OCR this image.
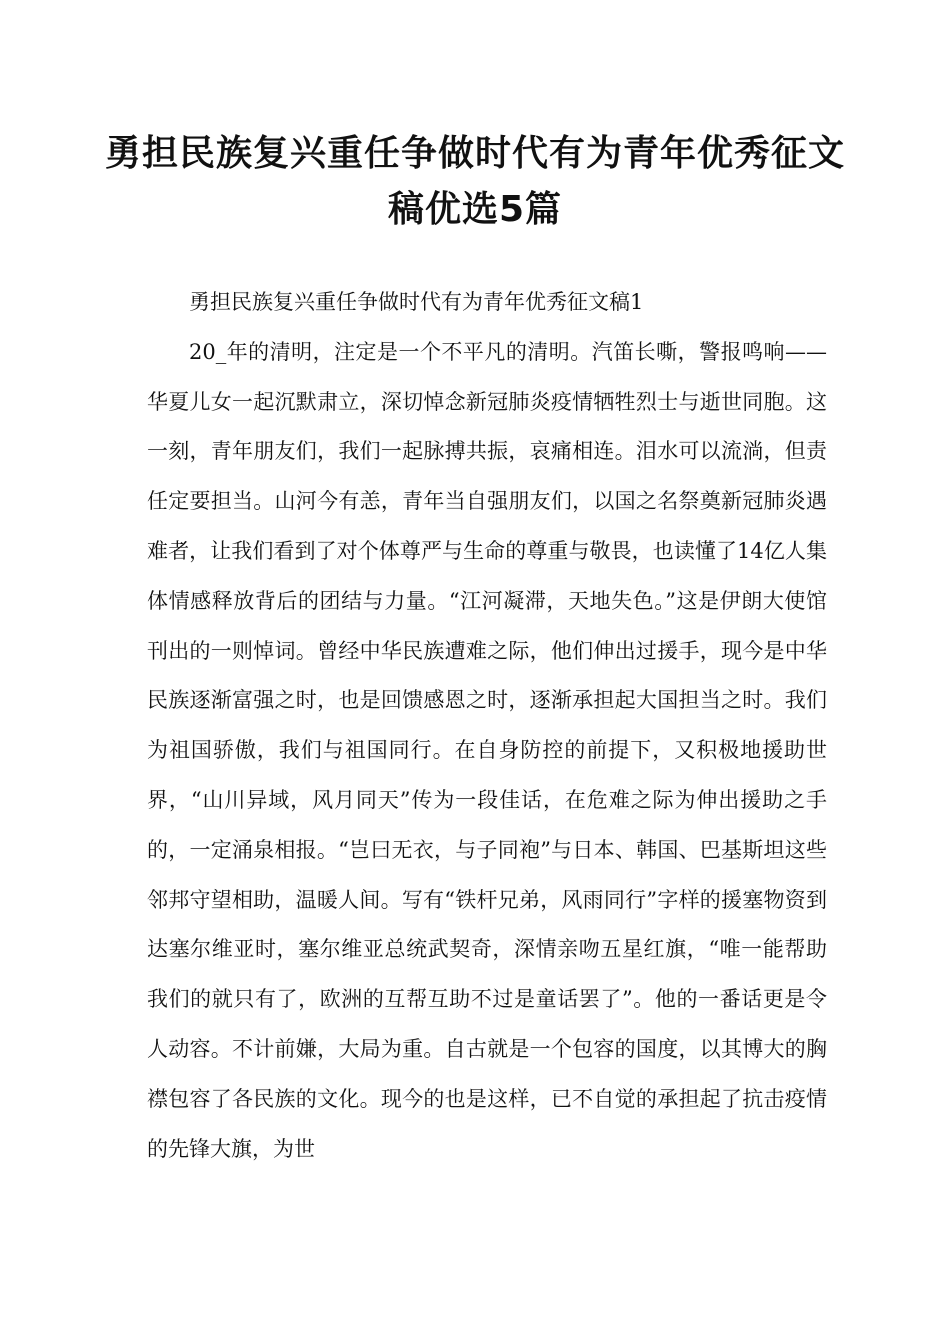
勇担民族复兴重任争做时代有为青年优秀征文稿优选5篇

勇担民族复兴重任争做时代有为青年优秀征文稿1

20_年的清明，注定是一个不平凡的清明。汽笛长嘶，警报鸣响——华夏儿女一起沉默肃立，深切悼念新冠肺炎疫情牺牲烈士与逝世同胞。这一刻，青年朋友们，我们一起脉搏共振，哀痛相连。泪水可以流淌，但责任定要担当。山河今有恙，青年当自强朋友们，以国之名祭奠新冠肺炎遇难者，让我们看到了对个体尊严与生命的尊重与敬畏，也读懂了14亿人集体情感释放背后的团结与力量。“江河凝滞，天地失色。”这是伊朗大使馆刊出的一则悼词。曾经中华民族遭难之际，他们伸出过援手，现今是中华民族逐渐富强之时，也是回馈感恩之时，逐渐承担起大国担当之时。我们为祖国骄傲，我们与祖国同行。在自身防控的前提下，又积极地援助世界，“山川异域，风月同天”传为一段佳话，在危难之际为伸出援助之手的，一定涌泉相报。“岂曰无衣，与子同袍”与日本、韩国、巴基斯坦这些邻邦守望相助，温暖人间。写有“铁杆兄弟，风雨同行”字样的援塞物资到达塞尔维亚时，塞尔维亚总统武契奇，深情亲吻五星红旗，“唯一能帮助我们的就只有了，欧洲的互帮互助不过是童话罢了”。他的一番话更是令人动容。不计前嫌，大局为重。自古就是一个包容的国度，以其博大的胸襟包容了各民族的文化。现今的也是这样，已不自觉的承担起了抗击疫情的先锋大旗，为世
